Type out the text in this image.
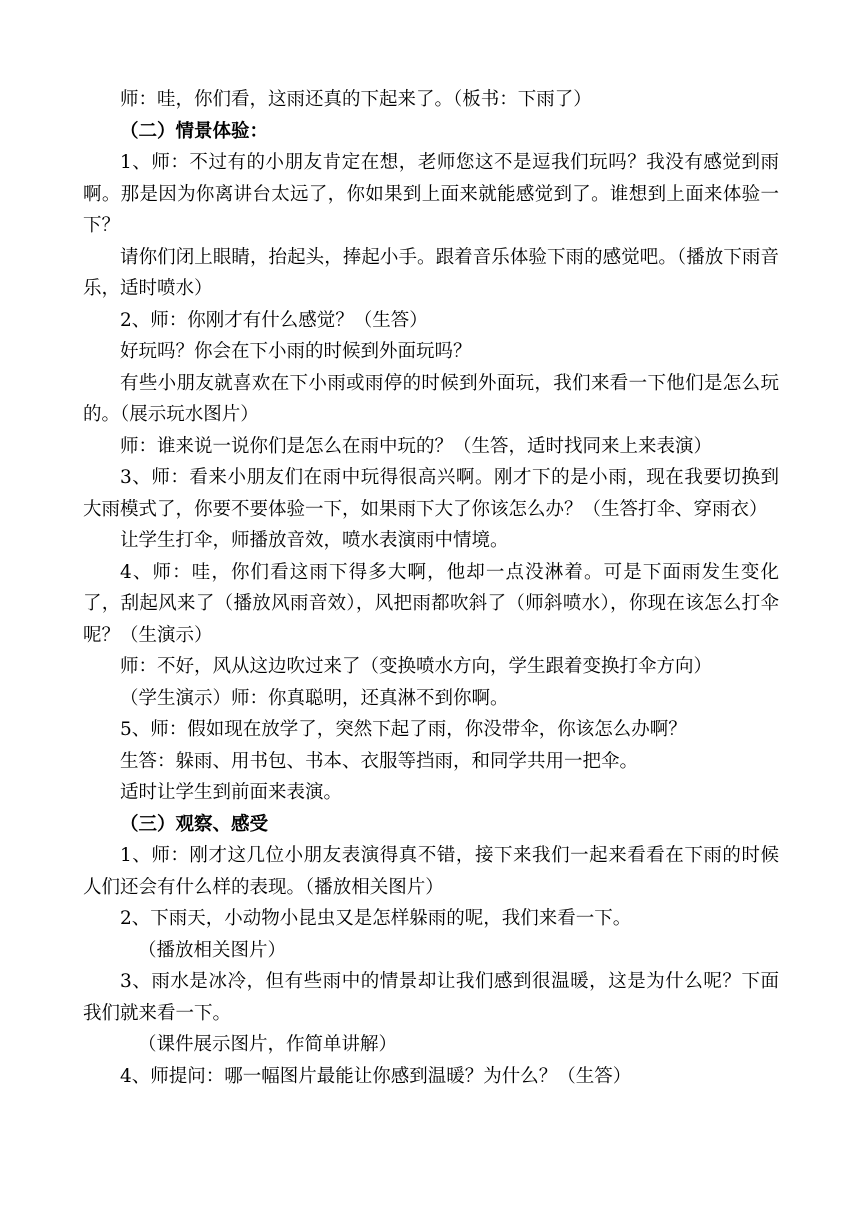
师：哇，你们看，这雨还真的下起来了。（板书：下雨了）

（二）情景体验：

1、师：不过有的小朋友肯定在想，老师您这不是逗我们玩吗？我没有感觉到雨啊。那是因为你离讲台太远了，你如果到上面来就能感觉到了。谁想到上面来体验一下？

请你们闭上眼睛，抬起头，捧起小手。跟着音乐体验下雨的感觉吧。（播放下雨音乐，适时喷水）

2、师：你刚才有什么感觉？（生答）

好玩吗？你会在下小雨的时候到外面玩吗？

有些小朋友就喜欢在下小雨或雨停的时候到外面玩，我们来看一下他们是怎么玩的。（展示玩水图片）

师：谁来说一说你们是怎么在雨中玩的？（生答，适时找同来上来表演）

3、师：看来小朋友们在雨中玩得很高兴啊。刚才下的是小雨，现在我要切换到大雨模式了，你要不要体验一下，如果雨下大了你该怎么办？（生答打伞、穿雨衣）

让学生打伞，师播放音效，喷水表演雨中情境。

4、师：哇，你们看这雨下得多大啊，他却一点没淋着。可是下面雨发生变化了，刮起风来了（播放风雨音效），风把雨都吹斜了（师斜喷水），你现在该怎么打伞呢？（生演示）

师：不好，风从这边吹过来了（变换喷水方向，学生跟着变换打伞方向）

（学生演示）师：你真聪明，还真淋不到你啊。

5、师：假如现在放学了，突然下起了雨，你没带伞，你该怎么办啊？

生答：躲雨、用书包、书本、衣服等挡雨，和同学共用一把伞。

适时让学生到前面来表演。

（三）观察、感受

1、师：刚才这几位小朋友表演得真不错，接下来我们一起来看看在下雨的时候人们还会有什么样的表现。（播放相关图片）

2、下雨天，小动物小昆虫又是怎样躲雨的呢，我们来看一下。

（播放相关图片）

3、雨水是冰冷，但有些雨中的情景却让我们感到很温暖，这是为什么呢？下面我们就来看一下。

（课件展示图片，作简单讲解）

4、师提问：哪一幅图片最能让你感到温暖？为什么？（生答）
